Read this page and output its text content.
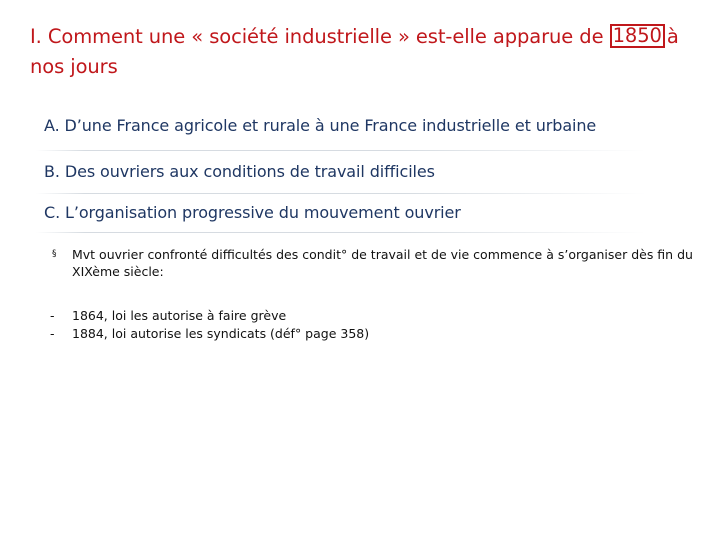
I. Comment une « société industrielle » est-elle apparue de 1850 à nos jours
A. D’une France agricole et rurale à une France industrielle et urbaine
B. Des ouvriers aux conditions de travail difficiles
C. L’organisation progressive du mouvement ouvrier
§	Mvt ouvrier confronté difficultés des condit° de travail et de vie commence à s’organiser dès fin du XIXème siècle:
-	1864, loi les autorise à faire grève
-	1884, loi autorise les syndicats (déf° page 358)
